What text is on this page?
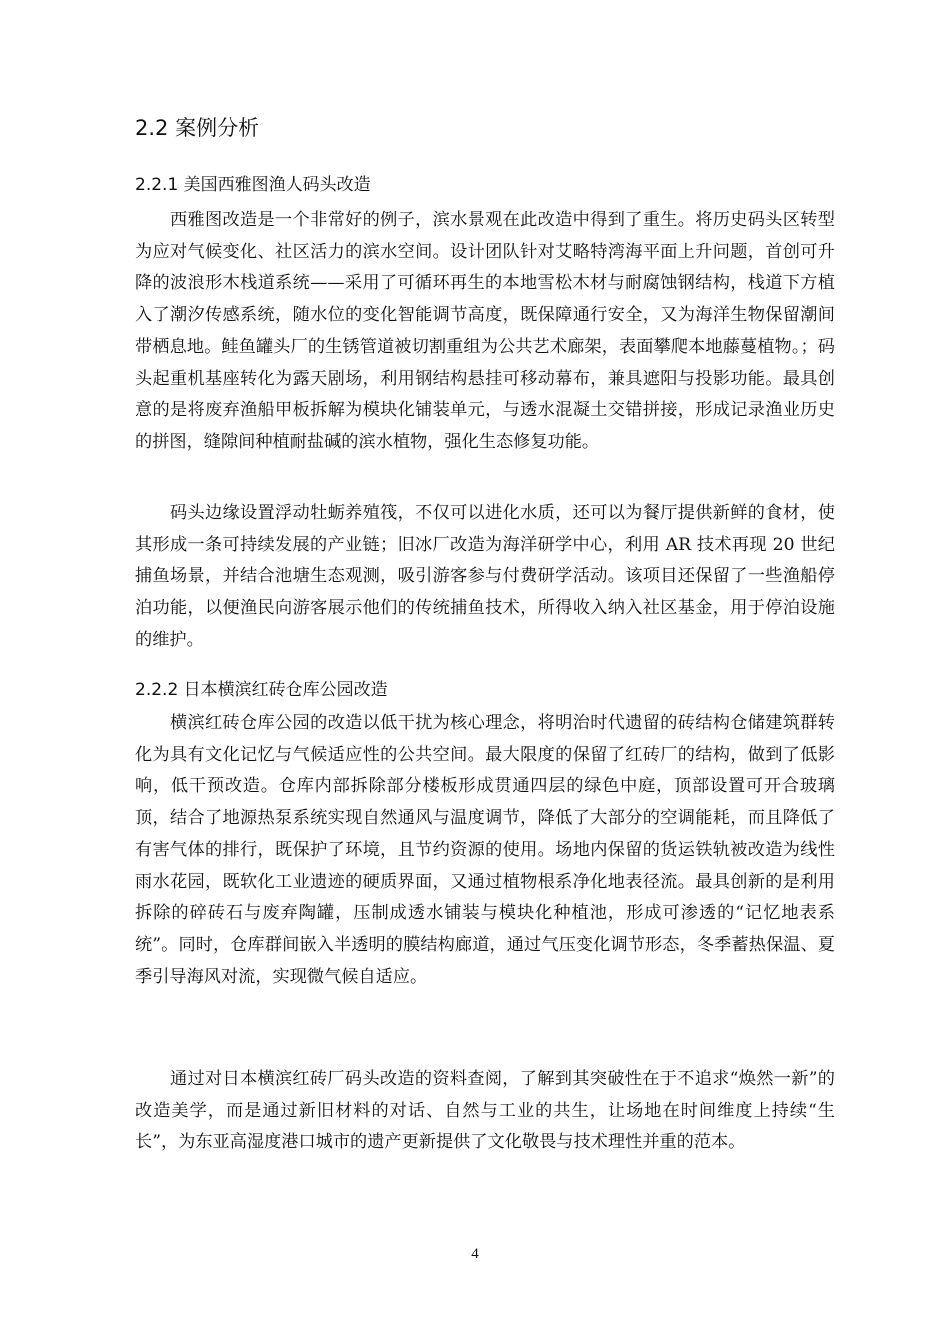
2.2 案例分析
2.2.1 美国西雅图渔人码头改造

西雅图改造是一个非常好的例子，滨水景观在此改造中得到了重生。将历史码头区转型为应对气候变化、社区活力的滨水空间。设计团队针对艾略特湾海平面上升问题，首创可升降的波浪形木栈道系统——采用了可循环再生的本地雪松木材与耐腐蚀钢结构，栈道下方植入了潮汐传感系统，随水位的变化智能调节高度，既保障通行安全，又为海洋生物保留潮间带栖息地。鲑鱼罐头厂的生锈管道被切割重组为公共艺术廊架，表面攀爬本地藤蔓植物。；码头起重机基座转化为露天剧场，利用钢结构悬挂可移动幕布，兼具遮阳与投影功能。最具创意的是将废弃渔船甲板拆解为模块化铺装单元，与透水混凝土交错拼接，形成记录渔业历史的拼图，缝隙间种植耐盐碱的滨水植物，强化生态修复功能。

码头边缘设置浮动牡蛎养殖筏，不仅可以进化水质，还可以为餐厅提供新鲜的食材，使其形成一条可持续发展的产业链；旧冰厂改造为海洋研学中心，利用 AR 技术再现 20 世纪捕鱼场景，并结合池塘生态观测，吸引游客参与付费研学活动。该项目还保留了一些渔船停泊功能，以便渔民向游客展示他们的传统捕鱼技术，所得收入纳入社区基金，用于停泊设施的维护。

2.2.2 日本横滨红砖仓库公园改造

横滨红砖仓库公园的改造以低干扰为核心理念，将明治时代遗留的砖结构仓储建筑群转化为具有文化记忆与气候适应性的公共空间。最大限度的保留了红砖厂的结构，做到了低影响，低干预改造。仓库内部拆除部分楼板形成贯通四层的绿色中庭，顶部设置可开合玻璃顶，结合了地源热泵系统实现自然通风与温度调节，降低了大部分的空调能耗，而且降低了有害气体的排行，既保护了环境，且节约资源的使用。场地内保留的货运铁轨被改造为线性雨水花园，既软化工业遗迹的硬质界面，又通过植物根系净化地表径流。最具创新的是利用拆除的碎砖石与废弃陶罐，压制成透水铺装与模块化种植池，形成可渗透的“记忆地表系统”。同时，仓库群间嵌入半透明的膜结构廊道，通过气压变化调节形态，冬季蓄热保温、夏季引导海风对流，实现微气候自适应。

通过对日本横滨红砖厂码头改造的资料查阅，了解到其突破性在于不追求“焕然一新”的改造美学，而是通过新旧材料的对话、自然与工业的共生，让场地在时间维度上持续“生长”，为东亚高湿度港口城市的遗产更新提供了文化敬畏与技术理性并重的范本。

4
